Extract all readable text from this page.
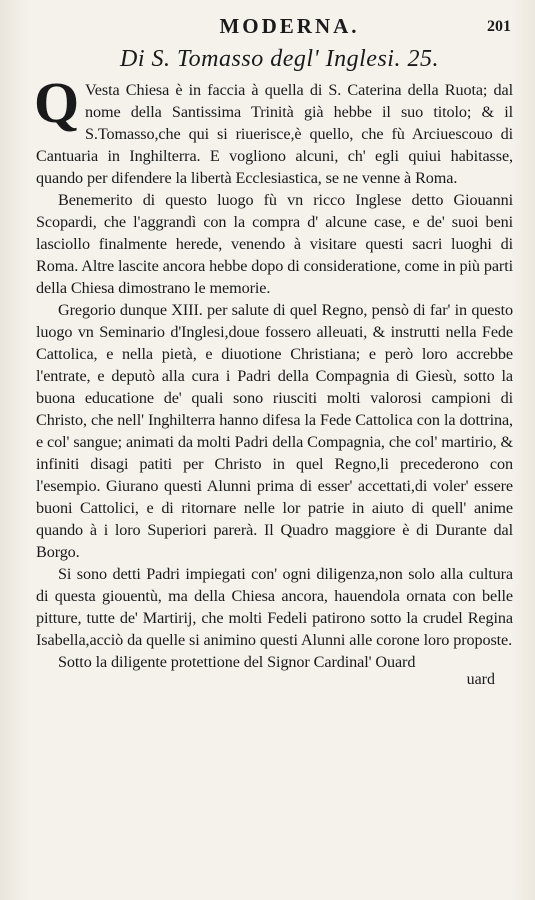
MODERNA.	201
Di S. Tomasso degl' Inglesi. 25.

Q Vesta Chiesa è in faccia à quella di S. Caterina della Ruota; dal nome della Santissima Trinità già hebbe il suo titolo; & il S.Tomasso,che qui si riuerisce,è quello, che fù Arciuescouo di Cantuaria in Inghilterra. E vogliono alcuni, ch' egli quiui habitasse, quando per difendere la libertà Ecclesiastica, se ne venne à Roma.

Benemerito di questo luogo fù vn ricco Inglese detto Giouanni Scopardi, che l'aggrandì con la compra d' alcune case, e de' suoi beni lasciollo finalmente herede, venendo à visitare questi sacri luoghi di Roma. Altre lascite ancora hebbe dopo di consideratione, come in più parti della Chiesa dimostrano le memorie.

Gregorio dunque XIII. per salute di quel Regno, pensò di far' in questo luogo vn Seminario d'Inglesi,doue fossero alleuati, & instrutti nella Fede Cattolica, e nella pietà, e diuotione Christiana; e però loro accrebbe l'entrate, e deputò alla cura i Padri della Compagnia di Giesù, sotto la buona educatione de' quali sono riusciti molti valorosi campioni di Christo, che nell' Inghilterra hanno difesa la Fede Cattolica con la dottrina, e col' sangue; animati da molti Padri della Compagnia, che col' martirio, & infiniti disagi patiti per Christo in quel Regno,li precederono con l'esempio. Giurano questi Alunni prima di esser' accettati,di voler' essere buoni Cattolici, e di ritornare nelle lor patrie in aiuto di quell' anime quando à i loro Superiori parerà. Il Quadro maggiore è di Durante dal Borgo.

Si sono detti Padri impiegati con' ogni diligenza,non solo alla cultura di questa giouentù, ma della Chiesa ancora, hauendola ornata con belle pitture, tutte de' Martirij, che molti Fedeli patirono sotto la crudel Regina Isabella,acciò da quelle si animino questi Alunni alle corone loro proposte.

Sotto la diligente protettione del Signor Cardinal' Ouard

uard
